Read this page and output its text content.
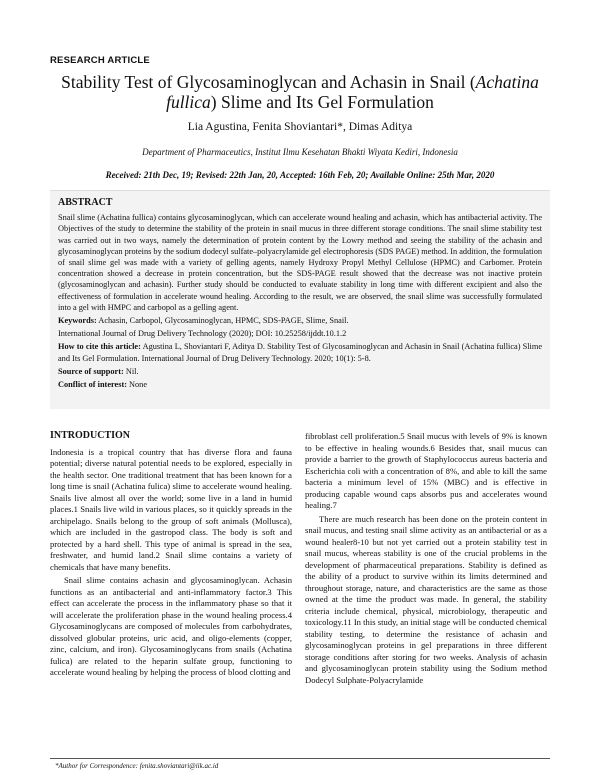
RESEARCH ARTICLE
Stability Test of Glycosaminoglycan and Achasin in Snail (Achatina fullica) Slime and Its Gel Formulation
Lia Agustina, Fenita Shoviantari*, Dimas Aditya
Department of Pharmaceutics, Institut Ilmu Kesehatan Bhakti Wiyata Kediri, Indonesia
Received: 21th Dec, 19; Revised: 22th Jan, 20, Accepted: 16th Feb, 20; Available Online: 25th Mar, 2020
ABSTRACT

Snail slime (Achatina fullica) contains glycosaminoglycan, which can accelerate wound healing and achasin, which has antibacterial activity. The Objectives of the study to determine the stability of the protein in snail mucus in three different storage conditions. The snail slime stability test was carried out in two ways, namely the determination of protein content by the Lowry method and seeing the stability of the achasin and glycosaminoglycan proteins by the sodium dodecyl sulfate–polyacrylamide gel electrophoresis (SDS PAGE) method. In addition, the formulation of snail slime gel was made with a variety of gelling agents, namely Hydroxy Propyl Methyl Cellulose (HPMC) and Carbomer. Protein concentration showed a decrease in protein concentration, but the SDS-PAGE result showed that the decrease was not inactive protein (glycosaminoglycan and achasin). Further study should be conducted to evaluate stability in long time with different excipient and also the effectiveness of formulation in accelerate wound healing. According to the result, we are observed, the snail slime was successfully formulated into a gel with HMPC and carbopol as a gelling agent.

Keywords: Achasin, Carbopol, Glycosaminoglycan, HPMC, SDS-PAGE, Slime, Snail.

International Journal of Drug Delivery Technology (2020); DOI: 10.25258/ijddt.10.1.2

How to cite this article: Agustina L, Shoviantari F, Aditya D. Stability Test of Glycosaminoglycan and Achasin in Snail (Achatina fullica) Slime and Its Gel Formulation. International Journal of Drug Delivery Technology. 2020; 10(1): 5-8.

Source of support: Nil.

Conflict of interest: None

INTRODUCTION

Indonesia is a tropical country that has diverse flora and fauna potential; diverse natural potential needs to be explored, especially in the health sector. One traditional treatment that has been known for a long time is snail (Achatina fulica) slime to accelerate wound healing. Snails live almost all over the world; some live in a land in humid places.1 Snails live wild in various places, so it quickly spreads in the archipelago. Snails belong to the group of soft animals (Mollusca), which are included in the gastropod class. The body is soft and protected by a hard shell. This type of animal is spread in the sea, freshwater, and humid land.2 Snail slime contains a variety of chemicals that have many benefits.

Snail slime contains achasin and glycosaminoglycan. Achasin functions as an antibacterial and anti-inflammatory factor.3 This effect can accelerate the process in the inflammatory phase so that it will accelerate the proliferation phase in the wound healing process.4 Glycosaminoglycans are composed of molecules from carbohydrates, dissolved globular proteins, uric acid, and oligo-elements (copper, zinc, calcium, and iron). Glycosaminoglycans from snails (Achatina fulica) are related to the heparin sulfate group, functioning to accelerate wound healing by helping the process of blood clotting and

fibroblast cell proliferation.5 Snail mucus with levels of 9% is known to be effective in healing wounds.6 Besides that, snail mucus can provide a barrier to the growth of Staphylococcus aureus bacteria and Escherichia coli with a concentration of 8%, and able to kill the same bacteria a minimum level of 15% (MBC) and is effective in producing capable wound caps absorbs pus and accelerates wound healing.7

There are much research has been done on the protein content in snail mucus, and testing snail slime activity as an antibacterial or as a wound healer8-10 but not yet carried out a protein stability test in snail mucus, whereas stability is one of the crucial problems in the development of pharmaceutical preparations. Stability is defined as the ability of a product to survive within its limits determined and throughout storage, nature, and characteristics are the same as those owned at the time the product was made. In general, the stability criteria include chemical, physical, microbiology, therapeutic and toxicology.11 In this study, an initial stage will be conducted chemical stability testing, to determine the resistance of achasin and glycosaminoglycan proteins in gel preparations in three different storage conditions after storing for two weeks. Analysis of achasin and glycosaminoglycan protein stability using the Sodium method Dodecyl Sulphate-Polyacrylamide

*Author for Correspondence: fenita.shoviantari@iik.ac.id
